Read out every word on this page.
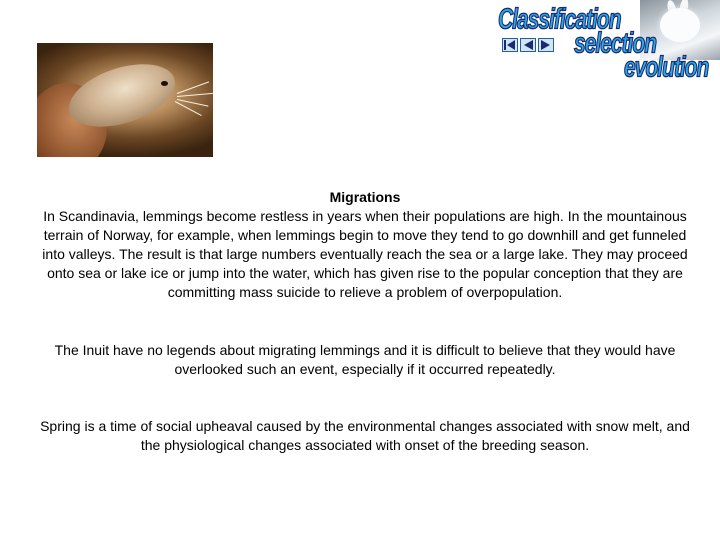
Classification
selection
evolution
Migrations
In Scandinavia, lemmings become restless in years when their populations are high. In the mountainous terrain of Norway, for example, when lemmings begin to move they tend to go downhill and get funneled into valleys. The result is that large numbers eventually reach the sea or a large lake. They may proceed onto sea or lake ice or jump into the water, which has given rise to the popular conception that they are committing mass suicide to relieve a problem of overpopulation.
The Inuit have no legends about migrating lemmings and it is difficult to believe that they would have overlooked such an event, especially if it occurred repeatedly.
Spring is a time of social upheaval caused by the environmental changes associated with snow melt, and the physiological changes associated with onset of the breeding season.
